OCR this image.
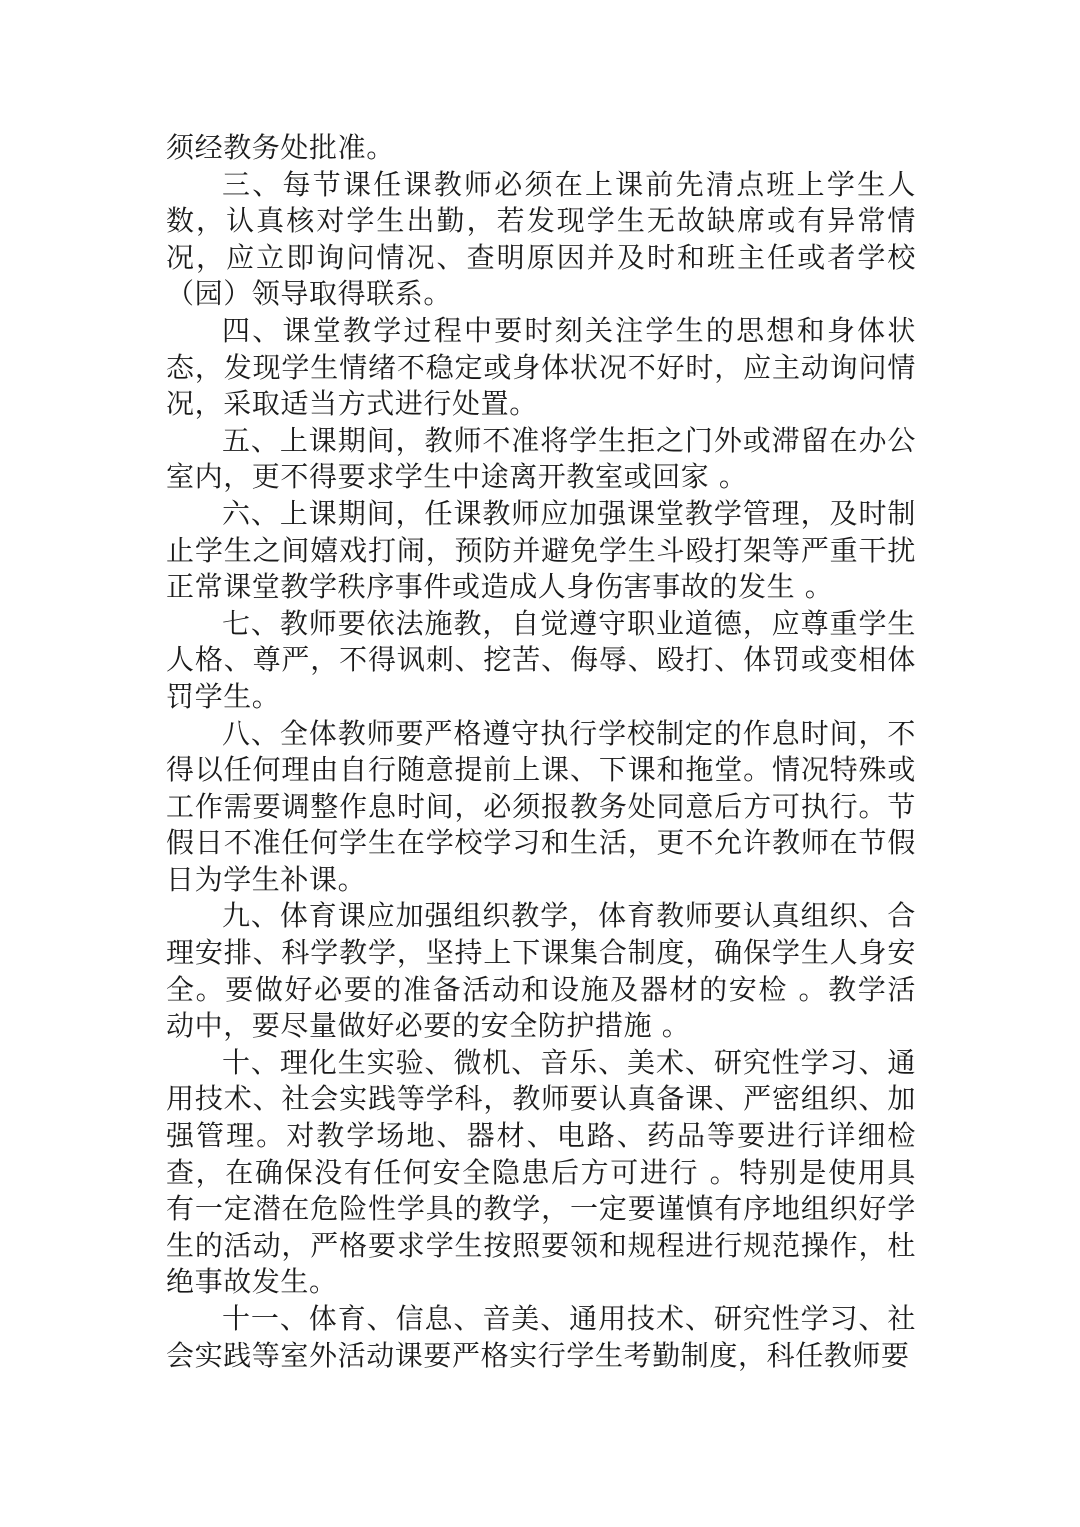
须经教务处批准。

三、每节课任课教师必须在上课前先清点班上学生人数，认真核对学生出勤，若发现学生无故缺席或有异常情况，应立即询问情况、查明原因并及时和班主任或者学校（园）领导取得联系。

四、课堂教学过程中要时刻关注学生的思想和身体状态，发现学生情绪不稳定或身体状况不好时，应主动询问情况，采取适当方式进行处置。

五、上课期间，教师不准将学生拒之门外或滞留在办公室内，更不得要求学生中途离开教室或回家 。

六、上课期间，任课教师应加强课堂教学管理，及时制止学生之间嬉戏打闹，预防并避免学生斗殴打架等严重干扰正常课堂教学秩序事件或造成人身伤害事故的发生 。

七、教师要依法施教，自觉遵守职业道德，应尊重学生人格、尊严，不得讽刺、挖苦、侮辱、殴打、体罚或变相体罚学生。

八、全体教师要严格遵守执行学校制定的作息时间，不得以任何理由自行随意提前上课、下课和拖堂。情况特殊或工作需要调整作息时间，必须报教务处同意后方可执行。节假日不准任何学生在学校学习和生活，更不允许教师在节假日为学生补课。

九、体育课应加强组织教学，体育教师要认真组织、合理安排、科学教学，坚持上下课集合制度，确保学生人身安全。要做好必要的准备活动和设施及器材的安检 。教学活动中，要尽量做好必要的安全防护措施 。

十、理化生实验、微机、音乐、美术、研究性学习、通用技术、社会实践等学科，教师要认真备课、严密组织、加强管理。对教学场地、器材、电路、药品等要进行详细检查，在确保没有任何安全隐患后方可进行 。特别是使用具有一定潜在危险性学具的教学，一定要谨慎有序地组织好学生的活动，严格要求学生按照要领和规程进行规范操作，杜绝事故发生。

十一、体育、信息、音美、通用技术、研究性学习、社会实践等室外活动课要严格实行学生考勤制度，科任教师要
